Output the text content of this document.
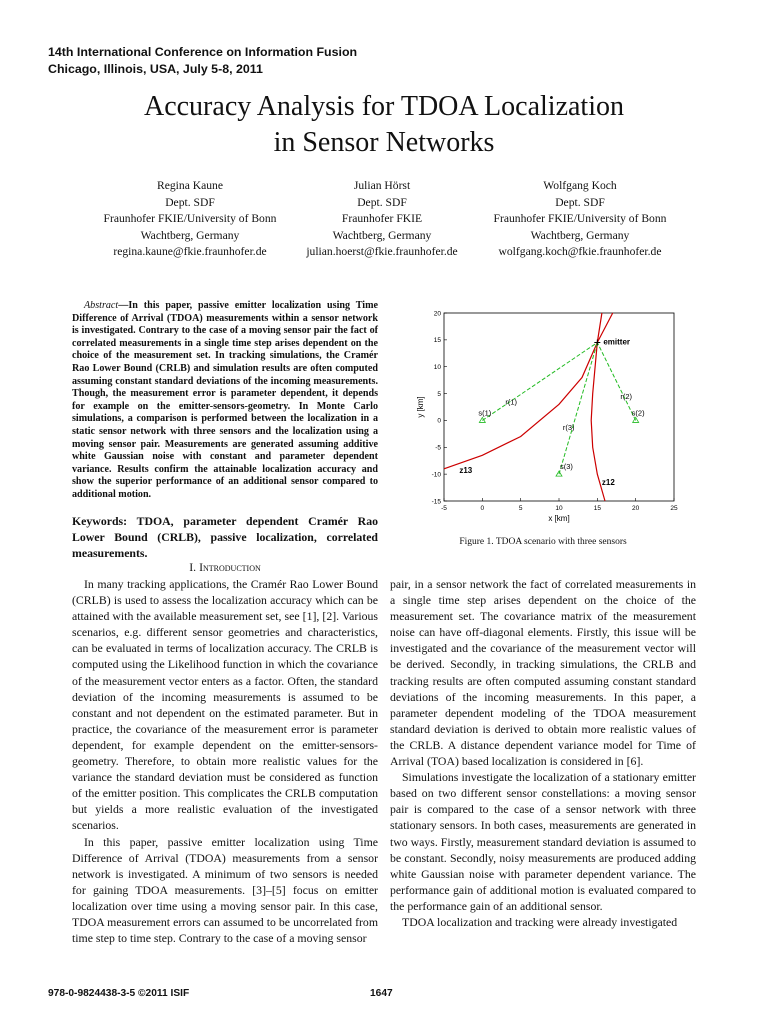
14th International Conference on Information Fusion
Chicago, Illinois, USA, July 5-8, 2011
Accuracy Analysis for TDOA Localization
in Sensor Networks
Regina Kaune
Dept. SDF
Fraunhofer FKIE/University of Bonn
Wachtberg, Germany
regina.kaune@fkie.fraunhofer.de
Julian Hörst
Dept. SDF
Fraunhofer FKIE
Wachtberg, Germany
julian.hoerst@fkie.fraunhofer.de
Wolfgang Koch
Dept. SDF
Fraunhofer FKIE/University of Bonn
Wachtberg, Germany
wolfgang.koch@fkie.fraunhofer.de
Abstract—In this paper, passive emitter localization using Time Difference of Arrival (TDOA) measurements within a sensor network is investigated. Contrary to the case of a moving sensor pair the fact of correlated measurements in a single time step arises dependent on the choice of the measurement set. In tracking simulations, the Cramér Rao Lower Bound (CRLB) and simulation results are often computed assuming constant standard deviations of the incoming measurements. Though, the measurement error is parameter dependent, it depends for example on the emitter-sensors-geometry. In Monte Carlo simulations, a comparison is performed between the localization in a static sensor network with three sensors and the localization using a moving sensor pair. Measurements are generated assuming additive white Gaussian noise with constant and parameter dependent variance. Results confirm the attainable localization accuracy and show the superior performance of an additional sensor compared to additional motion.
Keywords: TDOA, parameter dependent Cramér Rao Lower Bound (CRLB), passive localization, correlated measurements.
I. Introduction

In many tracking applications, the Cramér Rao Lower Bound (CRLB) is used to assess the localization accuracy which can be attained with the available measurement set, see [1], [2]. Various scenarios, e.g. different sensor geometries and characteristics, can be evaluated in terms of localization accuracy. The CRLB is computed using the Likelihood function in which the covariance of the measurement vector enters as a factor. Often, the standard deviation of the incoming measurements is assumed to be constant and not dependent on the estimated parameter. But in practice, the covariance of the measurement error is parameter dependent, for example dependent on the emitter-sensors-geometry. Therefore, to obtain more realistic values for the variance the standard deviation must be considered as function of the emitter position. This complicates the CRLB computation but yields a more realistic evaluation of the investigated scenarios.

In this paper, passive emitter localization using Time Difference of Arrival (TDOA) measurements from a sensor network is investigated. A minimum of two sensors is needed for gaining TDOA measurements. [3]–[5] focus on emitter localization over time using a moving sensor pair. In this case, TDOA measurement errors can assumed to be uncorrelated from time step to time step. Contrary to the case of a moving sensor

pair, in a sensor network the fact of correlated measurements in a single time step arises dependent on the choice of the measurement set. The covariance matrix of the measurement noise can have off-diagonal elements. Firstly, this issue will be investigated and the covariance of the measurement vector will be derived. Secondly, in tracking simulations, the CRLB and tracking results are often computed assuming constant standard deviations of the incoming measurements. In this paper, a parameter dependent modeling of the TDOA measurement standard deviation is derived to obtain more realistic values of the CRLB. A distance dependent variance model for Time of Arrival (TOA) based localization is considered in [6].

Simulations investigate the localization of a stationary emitter based on two different sensor constellations: a moving sensor pair is compared to the case of a sensor network with three stationary sensors. In both cases, measurements are generated in two ways. Firstly, measurement standard deviation is assumed to be constant. Secondly, noisy measurements are produced adding white Gaussian noise with parameter dependent variance. The performance gain of additional motion is evaluated compared to the performance gain of an additional sensor.

TDOA localization and tracking were already investigated

-5	0	5	10	15	20	25
-15
-10
-5
0
5
10
15
20
z13
z12
r(1)
r(2)
r(3)
s(1)	s(2)
s(3)
emitter
x [km]
y [km]
Figure 1. TDOA scenario with three sensors
978-0-9824438-3-5 ©2011 ISIF	1647
